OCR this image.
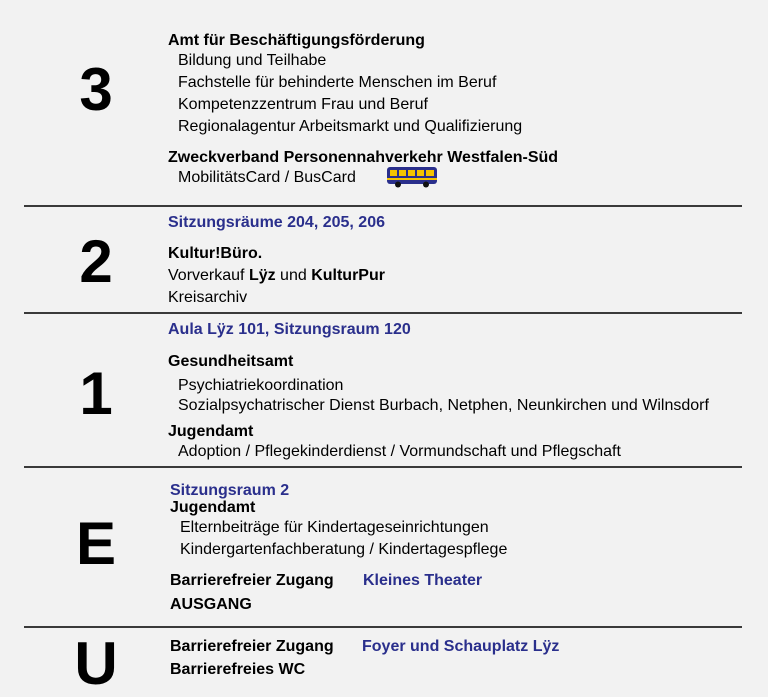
3
Amt für Beschäftigungsförderung
Bildung und Teilhabe
Fachstelle für behinderte Menschen im Beruf
Kompetenzzentrum Frau und Beruf
Regionalagentur Arbeitsmarkt und Qualifizierung
Zweckverband Personennahverkehr Westfalen-Süd
MobilitätsCard / BusCard
2
Sitzungsräume 204, 205, 206
Kultur!Büro.
Vorverkauf Lÿz und KulturPur
Kreisarchiv
1
Aula Lÿz 101, Sitzungsraum 120
Gesundheitsamt
Psychiatriekoordination
Sozialpsychatrischer Dienst Burbach, Netphen, Neunkirchen und Wilnsdorf
Jugendamt
Adoption / Pflegekinderdienst / Vormundschaft und Pflegschaft
E
Sitzungsraum 2
Jugendamt
Elternbeiträge für Kindertageseinrichtungen
Kindergartenfachberatung / Kindertagespflege
Barrierefreier Zugang Kleines Theater
AUSGANG
U	Barrierefreier Zugang Foyer und Schauplatz Lÿz
Barrierefreies WC
